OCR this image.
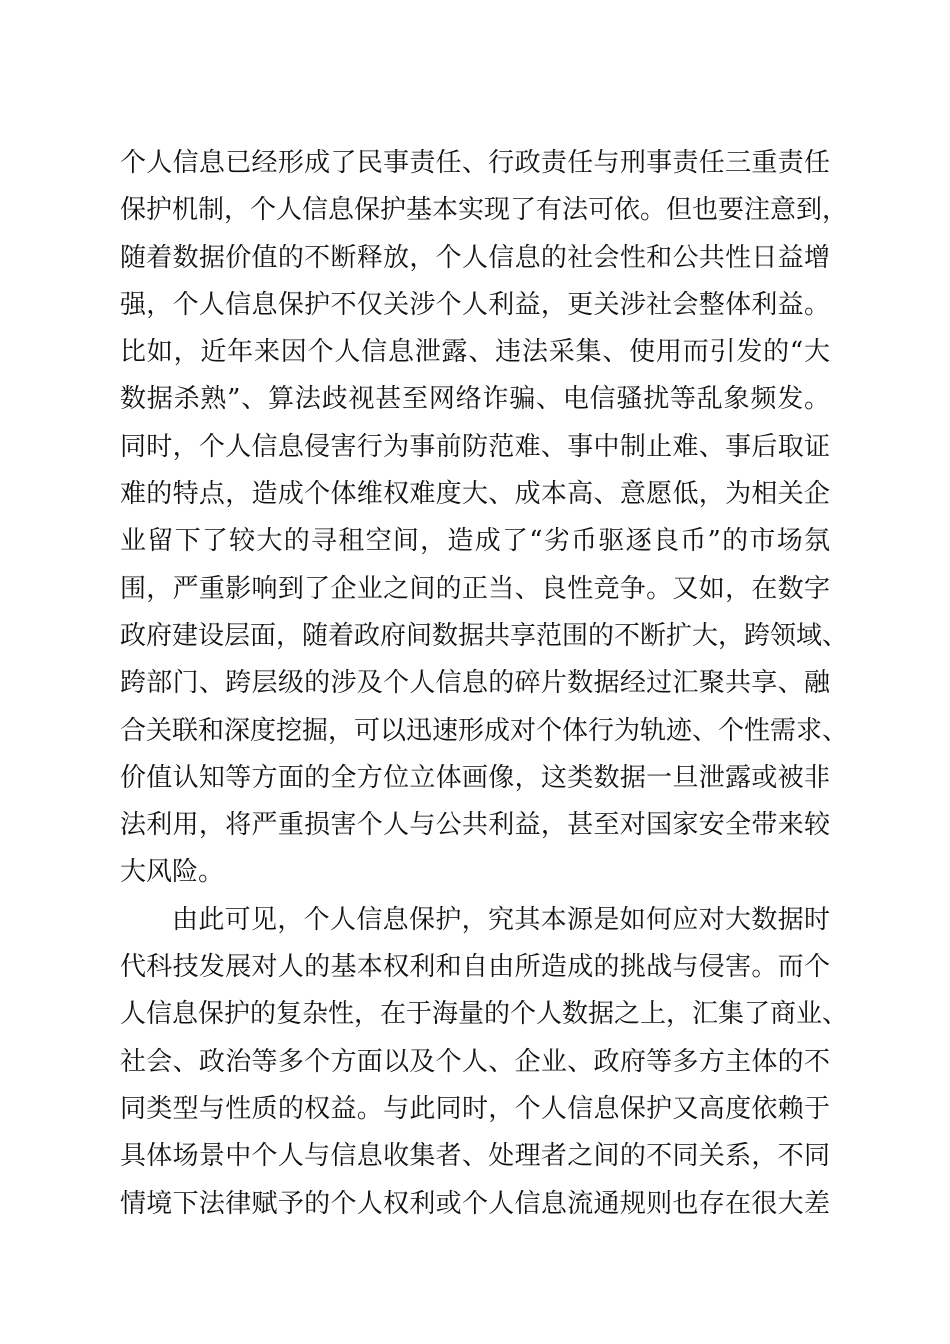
个人信息已经形成了民事责任、行政责任与刑事责任三重责任
保护机制，个人信息保护基本实现了有法可依。但也要注意到，
随着数据价值的不断释放，个人信息的社会性和公共性日益增
强，个人信息保护不仅关涉个人利益，更关涉社会整体利益。
比如，近年来因个人信息泄露、违法采集、使用而引发的“大
数据杀熟”、算法歧视甚至网络诈骗、电信骚扰等乱象频发。
同时，个人信息侵害行为事前防范难、事中制止难、事后取证
难的特点，造成个体维权难度大、成本高、意愿低，为相关企
业留下了较大的寻租空间，造成了“劣币驱逐良币”的市场氛
围，严重影响到了企业之间的正当、良性竞争。又如，在数字
政府建设层面，随着政府间数据共享范围的不断扩大，跨领域、
跨部门、跨层级的涉及个人信息的碎片数据经过汇聚共享、融
合关联和深度挖掘，可以迅速形成对个体行为轨迹、个性需求、
价值认知等方面的全方位立体画像，这类数据一旦泄露或被非
法利用，将严重损害个人与公共利益，甚至对国家安全带来较
大风险。
由此可见，个人信息保护，究其本源是如何应对大数据时
代科技发展对人的基本权利和自由所造成的挑战与侵害。而个
人信息保护的复杂性，在于海量的个人数据之上，汇集了商业、
社会、政治等多个方面以及个人、企业、政府等多方主体的不
同类型与性质的权益。与此同时，个人信息保护又高度依赖于
具体场景中个人与信息收集者、处理者之间的不同关系，不同
情境下法律赋予的个人权利或个人信息流通规则也存在很大差
